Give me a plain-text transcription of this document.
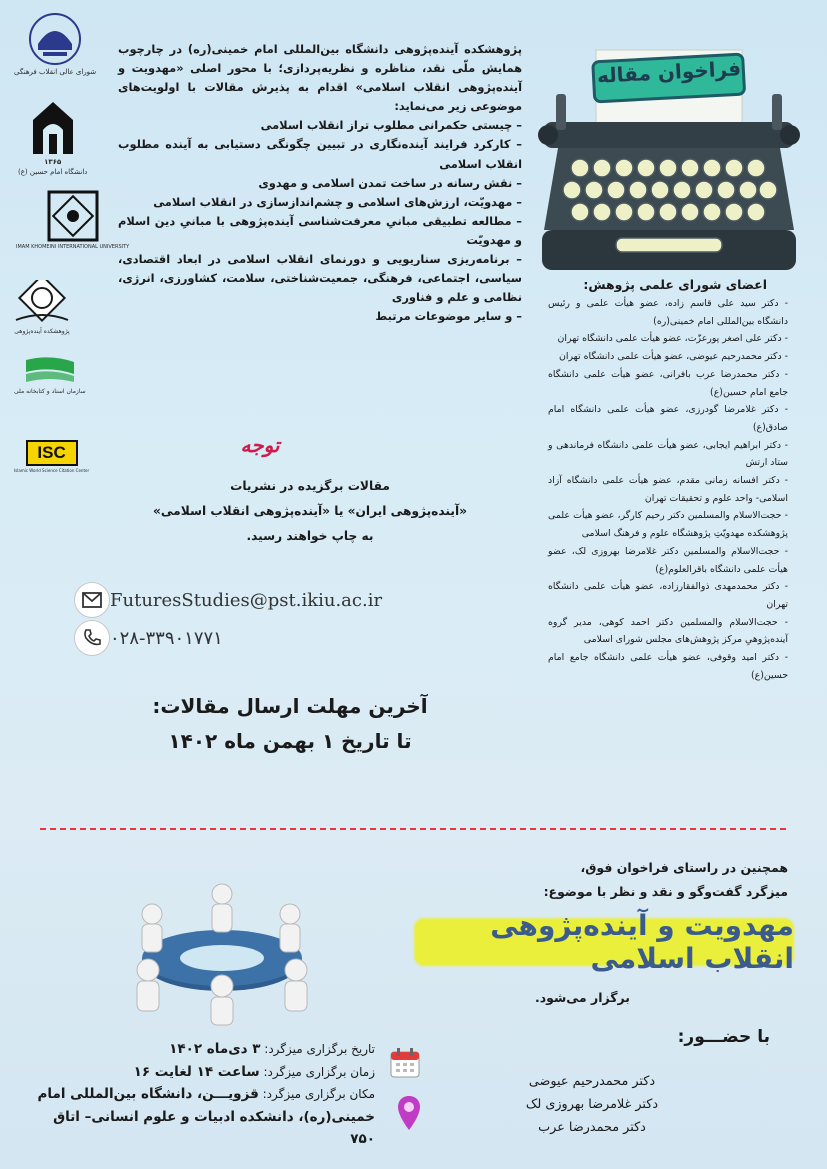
شورای عالی انقلاب فرهنگی
۱۳۶۵
دانشگاه امام حسین (ع)
IMAM KHOMEINI INTERNATIONAL UNIVERSITY
پژوهشکده آینده‌پژوهی
سازمان اسناد و کتابخانه ملی
ISC
Islamic World Science Citation Center

پژوهشکده آینده‌پژوهی دانشگاه بین‌المللی امام خمینی(ره) در چارچوب همایش ملّی نقد، مناظره و نظریه‌پردازی؛ با محور اصلی «مهدویت و آینده‌پژوهی انقلاب اسلامی» اقدام به پذیرش مقالات با اولویت‌های موضوعی زیر می‌نماید:

– چیستی حکمرانی مطلوب تراز انقلاب اسلامی

– کارکرد فرایند آینده‌نگاری در تبیین چگونگی دستیابی به آینده مطلوب انقلاب اسلامی

– نقش رسانه در ساخت تمدن اسلامی و مهدوی

– مهدویّت، ارزش‌های اسلامی و چشم‌اندازسازی در انقلاب اسلامی

– مطالعه تطبیقی مبانیِ معرفت‌شناسی آینده‌پژوهی با مبانیِ دین اسلام و مهدویّت

– برنامه‌ریزی سناریویی و دورنمای انقلاب اسلامی در ابعاد اقتصادی، سیاسی، اجتماعی، فرهنگی، جمعیت‌شناختی، سلامت، کشاورزی، انرژی، نظامی و علم و فناوری

– و سایر موضوعات مرتبط

فراخوان مقاله
اعضای شورای علمی پژوهش:
- دکتر سید علی قاسم زاده، عضو هیأت علمی و رئیس دانشگاه بین‌المللی امام خمینی(ره)
- دکتر علی اصغر پورعزّت، عضو هیأت علمی دانشگاه تهران
- دکتر محمدرحیم عیوضی، عضو هیأت علمی دانشگاه تهران
- دکتر محمدرضا عرب بافرانی، عضو هیأت علمی دانشگاه جامع امام حسین(ع)
- دکتر غلامرضا گودرزی، عضو هیأت علمی دانشگاه امام صادق(ع)
- دکتر ابراهیم ایجابی، عضو هیأت علمی دانشگاه فرماندهی و ستاد ارتش
- دکتر افسانه زمانی مقدم، عضو هیأت علمی دانشگاه آزاد اسلامی- واحد علوم و تحقیقات تهران
- حجت‌الاسلام والمسلمین دکتر رحیم کارگر، عضو هیأت علمی پژوهشکده مهدویّتِ پژوهشگاه علوم و فرهنگ اسلامی
- حجت‌الاسلام والمسلمین دکتر غلامرضا بهروزی لک، عضو هیأت علمی دانشگاه باقرالعلوم(ع)
- دکتر محمدمهدی ذوالفقارزاده، عضو هیأت علمی دانشگاه تهران
- حجت‌الاسلام والمسلمین دکتر احمد کوهی، مدیر گروه آینده‌پژوهیِ مرکز پژوهش‌های مجلس شورای اسلامی
- دکتر امید وقوفی، عضو هیأت علمی دانشگاه جامع امام حسین(ع)
توجه
مقالات برگزیده در نشریات
«آینده‌پژوهی ایران» یا «آینده‌پژوهی انقلاب اسلامی»
به چاپ خواهند رسید.
FuturesStudies@pst.ikiu.ac.ir
۰۲۸-۳۳۹۰۱۷۷۱
آخرین مهلت ارسال مقالات:
تا تاریخ ۱ بهمن ماه ۱۴۰۲
همچنین در راستای فراخوان فوق،
میزگرد گفت‌وگو و نقد و نظر با موضوع:
مهدویت و آینده‌پژوهی انقلاب اسلامی
برگزار می‌شود.
با حضـــور:
دکتر محمدرحیم عیوضی
دکتر غلامرضا بهروزی لک
دکتر محمدرضا عرب
تاریخ برگزاری میزگرد: ۳ دی‌ماه ۱۴۰۲
زمان برگزاری میزگرد: ساعت ۱۴ لغایت ۱۶
مکان برگزاری میزگرد: قزویـــن، دانشگاه بین‌المللی امام خمینی(ره)، دانشکده ادبیات و علوم انسانی– اتاق ۷۵۰
